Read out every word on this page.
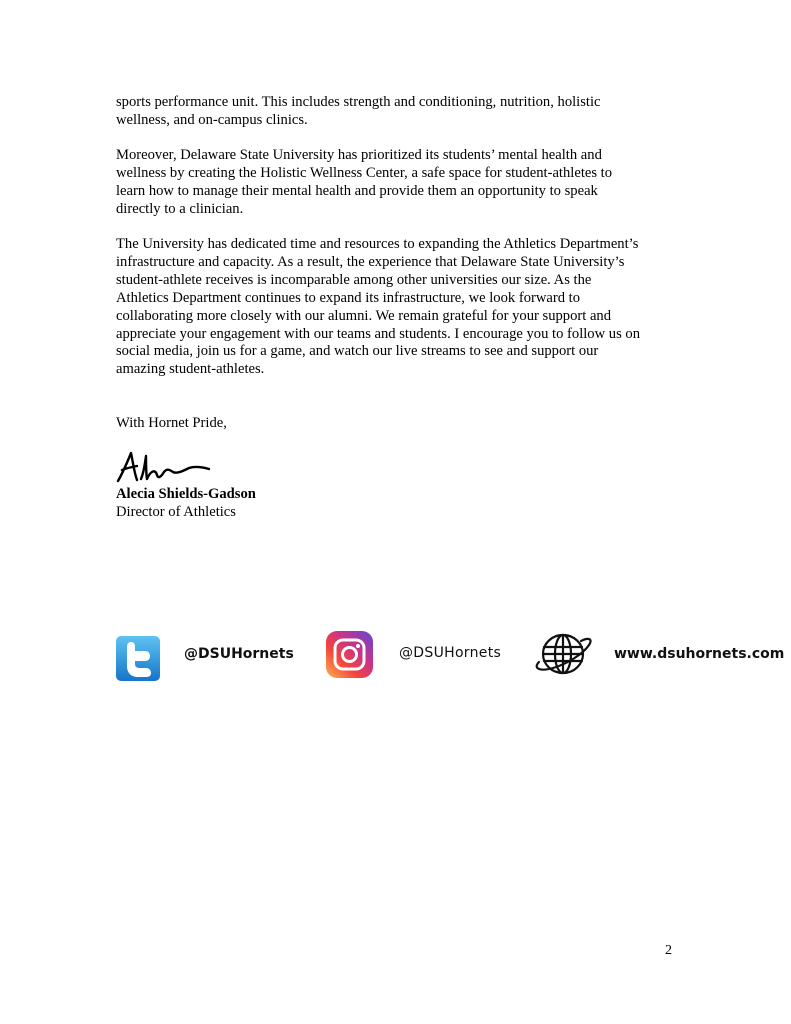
sports performance unit. This includes strength and conditioning, nutrition, holistic
wellness, and on-campus clinics.
Moreover, Delaware State University has prioritized its students’ mental health and
wellness by creating the Holistic Wellness Center, a safe space for student-athletes to
learn how to manage their mental health and provide them an opportunity to speak
directly to a clinician.
The University has dedicated time and resources to expanding the Athletics Department’s
infrastructure and capacity. As a result, the experience that Delaware State University’s
student-athlete receives is incomparable among other universities our size. As the
Athletics Department continues to expand its infrastructure, we look forward to
collaborating more closely with our alumni. We remain grateful for your support and
appreciate your engagement with our teams and students. I encourage you to follow us on
social media, join us for a game, and watch our live streams to see and support our
amazing student-athletes.
With Hornet Pride,
Alecia Shields-Gadson
Director of Athletics
@DSUHornets	@DSUHornets	www.dsuhornets.com
2
